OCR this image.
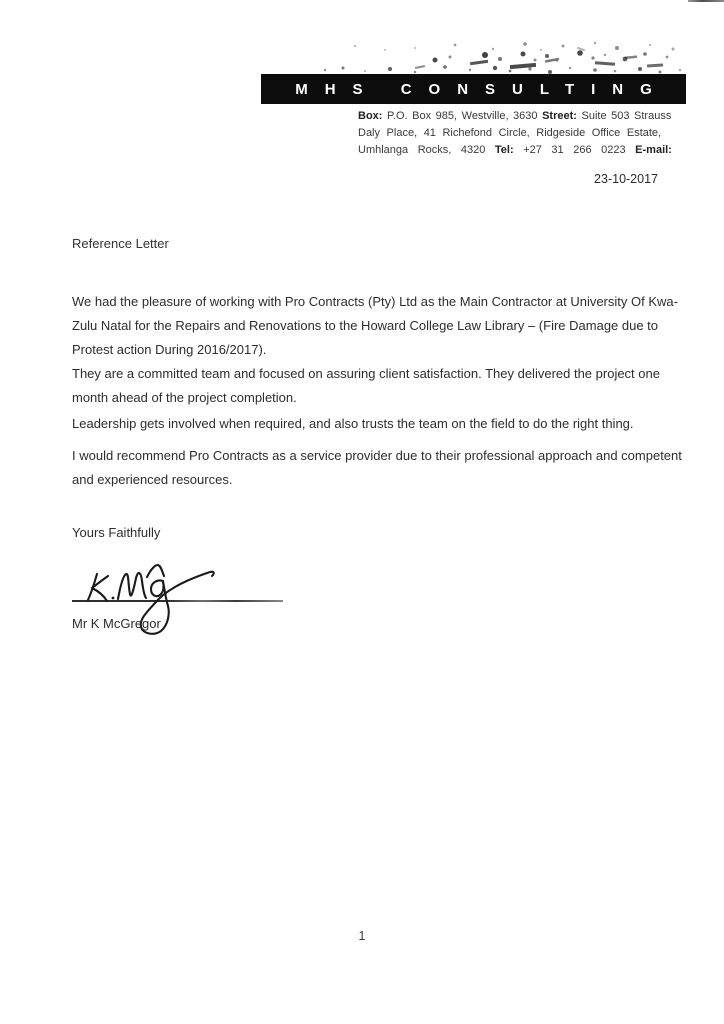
MHS CONSULTING
Box: P.O. Box 985, Westville, 3630 Street: Suite 503 Strauss
Daly Place, 41 Richefond Circle, Ridgeside Office Estate,
Umhlanga Rocks, 4320 Tel: +27 31 266 0223 E-mail:
23-10-2017
Reference Letter
We had the pleasure of working with Pro Contracts (Pty) Ltd as the Main Contractor at University Of Kwa-
Zulu Natal for the Repairs and Renovations to the Howard College Law Library – (Fire Damage due to
Protest action During 2016/2017).
They are a committed team and focused on assuring client satisfaction. They delivered the project one
month ahead of the project completion.
Leadership gets involved when required, and also trusts the team on the field to do the right thing.
I would recommend Pro Contracts as a service provider due to their professional approach and competent
and experienced resources.
Yours Faithfully
Mr K McGregor
1
